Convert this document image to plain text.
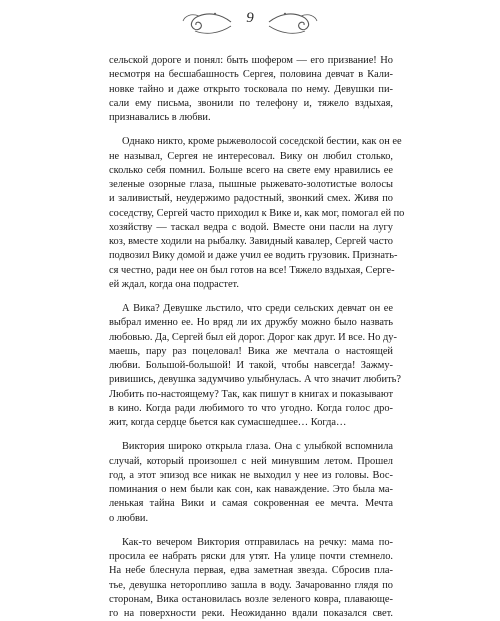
9

сельской дороге и понял: быть шофером — его призвание! Но
несмотря на бесшабашность Сергея, половина девчат в Кали-
новке тайно и даже открыто тосковала по нему. Девушки пи-
сали ему письма, звонили по телефону и, тяжело вздыхая,
признавались в любви.

Однако никто, кроме рыжеволосой соседской бестии, как он ее
не называл, Сергея не интересовал. Вику он любил столько,
сколько себя помнил. Больше всего на свете ему нравились ее
зеленые озорные глаза, пышные рыжевато-золотистые волосы
и заливистый, неудержимо радостный, звонкий смех. Живя по
соседству, Сергей часто приходил к Вике и, как мог, помогал ей по
хозяйству — таскал ведра с водой. Вместе они пасли на лугу
коз, вместе ходили на рыбалку. Завидный кавалер, Сергей часто
подвозил Вику домой и даже учил ее водить грузовик. Признать-
ся честно, ради нее он был готов на все! Тяжело вздыхая, Серге-
ей ждал, когда она подрастет.

А Вика? Девушке льстило, что среди сельских девчат он ее
выбрал именно ее. Но вряд ли их дружбу можно было назвать
любовью. Да, Сергей был ей дорог. Дорог как друг. И все. Но ду-
маешь, пару раз поцеловал! Вика же мечтала о настоящей
любви. Большой-большой! И такой, чтобы навсегда! Зажму-
ривишись, девушка задумчиво улыбнулась. А что значит любить?
Любить по-настоящему? Так, как пишут в книгах и показывают
в кино. Когда ради любимого то что угодно. Когда голос дро-
жит, когда сердце бьется как сумасшедшее… Когда…

Виктория широко открыла глаза. Она с улыбкой вспомнила
случай, который произошел с ней минувшим летом. Прошел
год, а этот эпизод все никак не выходил у нее из головы. Вос-
поминания о нем были как сон, как наваждение. Это была ма-
ленькая тайна Вики и самая сокровенная ее мечта. Мечта
о любви.

Как-то вечером Виктория отправилась на речку: мама по-
просила ее набрать ряски для утят. На улице почти стемнело.
На небе блеснула первая, едва заметная звезда. Сбросив пла-
тье, девушка неторопливо зашла в воду. Зачарованно глядя по
сторонам, Вика остановилась возле зеленого ковра, плавающе-
го на поверхности реки. Неожиданно вдали показался свет.
